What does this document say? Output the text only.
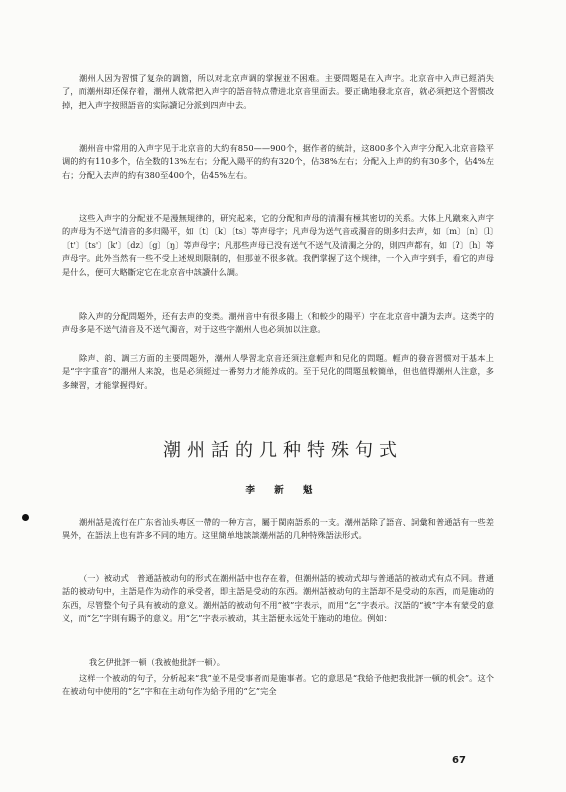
潮州人因为習惯了复杂的調箇，所以对北京声调的掌握並不困难。主要問題是在入声字。北京音中入声已經消失了，而潮州却还保存着，潮州人就常把入声字的語音特点帶进北京音里面去。要正确地發北京音，就必須把这个習惯改掉，把入声字按照語音的实际讀记分派到四声中去。

潮州音中常用的入声字见于北京音的大約有850——900个，据作者的統計，这800多个入声字分配入北京音陰平调的約有110多个，佔全数的13%左右；分配入陽平的約有320个，佔38%左右；分配入上声的約有30多个，佔4%左右；分配入去声的約有380至400个，佔45%左右。

这些入声字的分配並不是漫無規律的，研究起来，它的分配和声母的清濁有極其密切的关系。大体上凡蹴來入声字的声母为不送气清音的多归陽平，如〔t〕〔k〕〔ts〕等声母字；凡声母为送气音或濁音的則多归去声，如〔m〕〔n〕〔l〕〔t'〕〔ts'〕〔k'〕〔dz〕〔g〕〔ŋ〕等声母字；凡那些声母已没有送气不送气及清濁之分的，則四声都有，如〔ʔ〕〔h〕等声母字。此外当然有一些不受上述规則限制的，但那並不很多就。我們掌握了这个规律，一个入声字到手，看它的声母是什么，便可大略斷定它在北京音中該讀什么調。

除入声的分配問題外，还有去声的变类。潮州音中有很多陽上（和較少的陽平）字在北京音中讀为去声。这类字的声母多是不送气清音及不送气濁音，对于这些字潮州人也必須加以注意。

除声、韵、調三方面的主要問题外，潮州人學習北京音还須注意輕声和兒化的問題。輕声的發音習惯对于基本上是“字字重音”的潮州人来說，也是必須經过一番努力才能养成的。至于兒化的問題虽較簡单，但也值得潮州人注意，多多練習，才能掌握得好。

潮州話的几种特殊句式
李 新 魁

潮州話是流行在广东省汕头專区一帶的一种方言，屬于閩南語系的一支。潮州話除了語音、詞彙和普通話有一些差異外，在語法上也有許多不同的地方。这里簡单地談談潮州話的几种特殊語法形式。

（一）被动式　普通話被动句的形式在潮州話中也存在着，但潮州話的被动式却与普通話的被动式有点不同。普通話的被动句中，主語是作为动作的承受者，即主語是受动的东西。潮州話被动句的主語却不是受动的东西，而是施动的东西，尽管整个句子具有被动的意义。潮州話的被动句不用“被”字表示，而用“乞”字表示。汉語的“被”字本有蒙受的意义，而“乞”字則有賜予的意义。用“乞”字表示被动，其主語便永远处于施动的地位。例如：

我乞伊批評一頓（我被他批評一頓）。

这样一个被动的句子，分析起来“我”並不是受事者而是施事者。它的意思是“我給予他把我批評一頓的机会”。这个在被动句中使用的“乞”字和在主动句作为給予用的“乞”完全

67
